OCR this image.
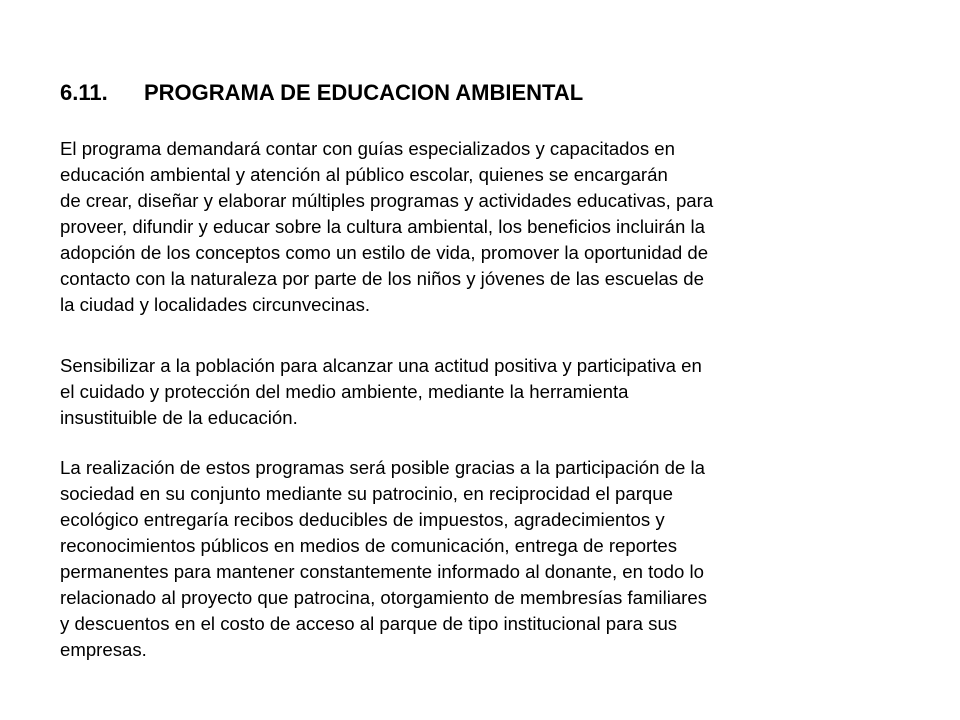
6.11. PROGRAMA DE EDUCACION AMBIENTAL
El programa demandará contar con guías especializados y capacitados en
educación ambiental y atención al público escolar, quienes se encargarán
de crear, diseñar y elaborar múltiples programas y actividades educativas, para
proveer, difundir y educar sobre la cultura ambiental, los beneficios incluirán la
adopción de los conceptos como un estilo de vida, promover la oportunidad de
contacto con la naturaleza por parte de los niños y jóvenes de las escuelas de
la ciudad y localidades circunvecinas.
Sensibilizar a la población para alcanzar una actitud positiva y participativa en
el cuidado y protección del medio ambiente, mediante la herramienta
insustituible de la educación.
La realización de estos programas será posible gracias a la participación de la
sociedad en su conjunto mediante su patrocinio, en reciprocidad el parque
ecológico entregaría recibos deducibles de impuestos, agradecimientos y
reconocimientos públicos en medios de comunicación, entrega de reportes
permanentes para mantener constantemente informado al donante, en todo lo
relacionado al proyecto que patrocina, otorgamiento de membresías familiares
y descuentos en el costo de acceso al parque de tipo institucional para sus
empresas.
